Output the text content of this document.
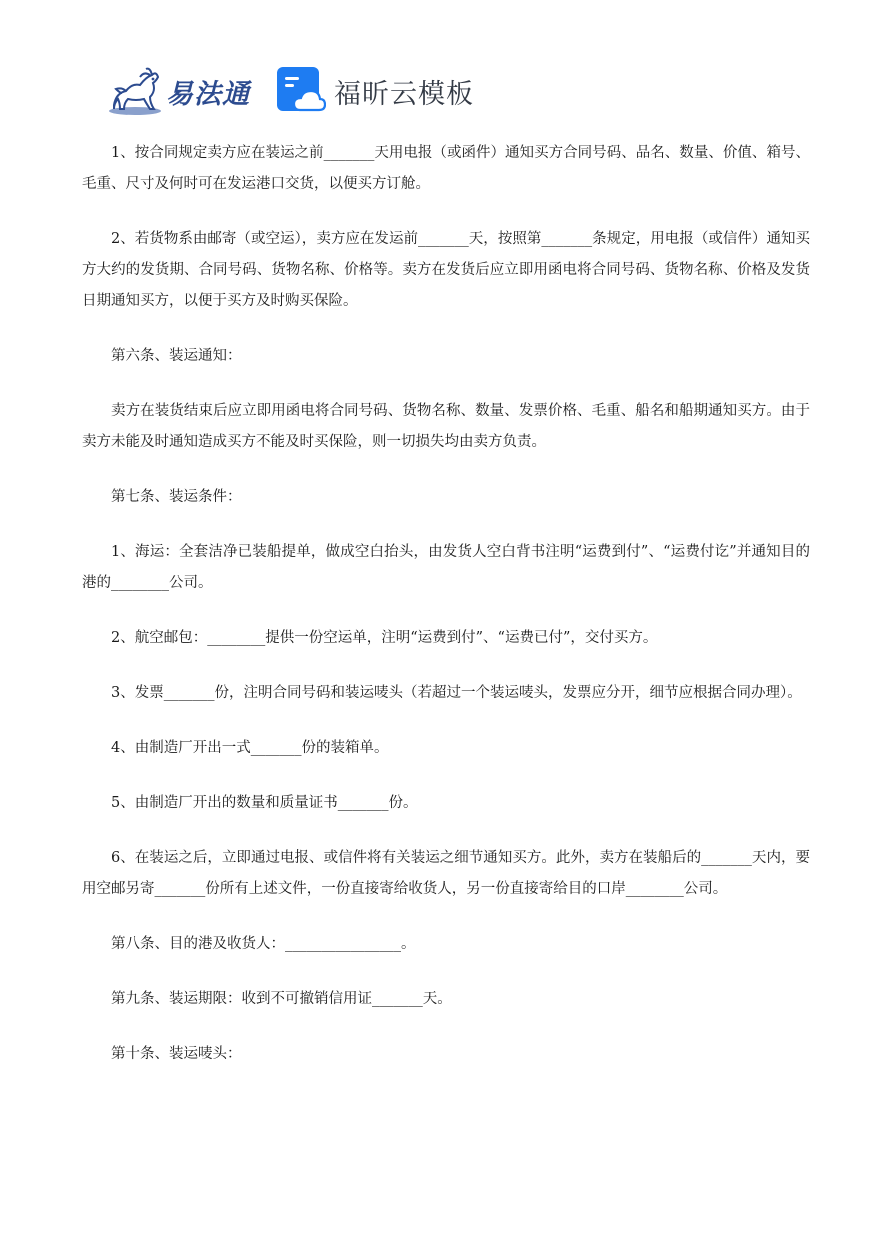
易法通	福昕云模板

1、按合同规定卖方应在装运之前_______天用电报（或函件）通知买方合同号码、品名、数量、价值、箱号、毛重、尺寸及何时可在发运港口交货，以便买方订舱。

2、若货物系由邮寄（或空运），卖方应在发运前_______天，按照第_______条规定，用电报（或信件）通知买方大约的发货期、合同号码、货物名称、价格等。卖方在发货后应立即用函电将合同号码、货物名称、价格及发货日期通知买方，以便于买方及时购买保险。

第六条、装运通知：

卖方在装货结束后应立即用函电将合同号码、货物名称、数量、发票价格、毛重、船名和船期通知买方。由于卖方未能及时通知造成买方不能及时买保险，则一切损失均由卖方负责。

第七条、装运条件：

1、海运：全套洁净已装船提单，做成空白抬头，由发货人空白背书注明“运费到付”、“运费付讫”并通知目的港的________公司。

2、航空邮包：________提供一份空运单，注明“运费到付”、“运费已付”，交付买方。

3、发票_______份，注明合同号码和装运唛头（若超过一个装运唛头，发票应分开，细节应根据合同办理）。

4、由制造厂开出一式_______份的装箱单。

5、由制造厂开出的数量和质量证书_______份。

6、在装运之后，立即通过电报、或信件将有关装运之细节通知买方。此外，卖方在装船后的_______天内，要用空邮另寄_______份所有上述文件，一份直接寄给收货人，另一份直接寄给目的口岸________公司。

第八条、目的港及收货人：________________。

第九条、装运期限：收到不可撤销信用证_______天。

第十条、装运唛头：
